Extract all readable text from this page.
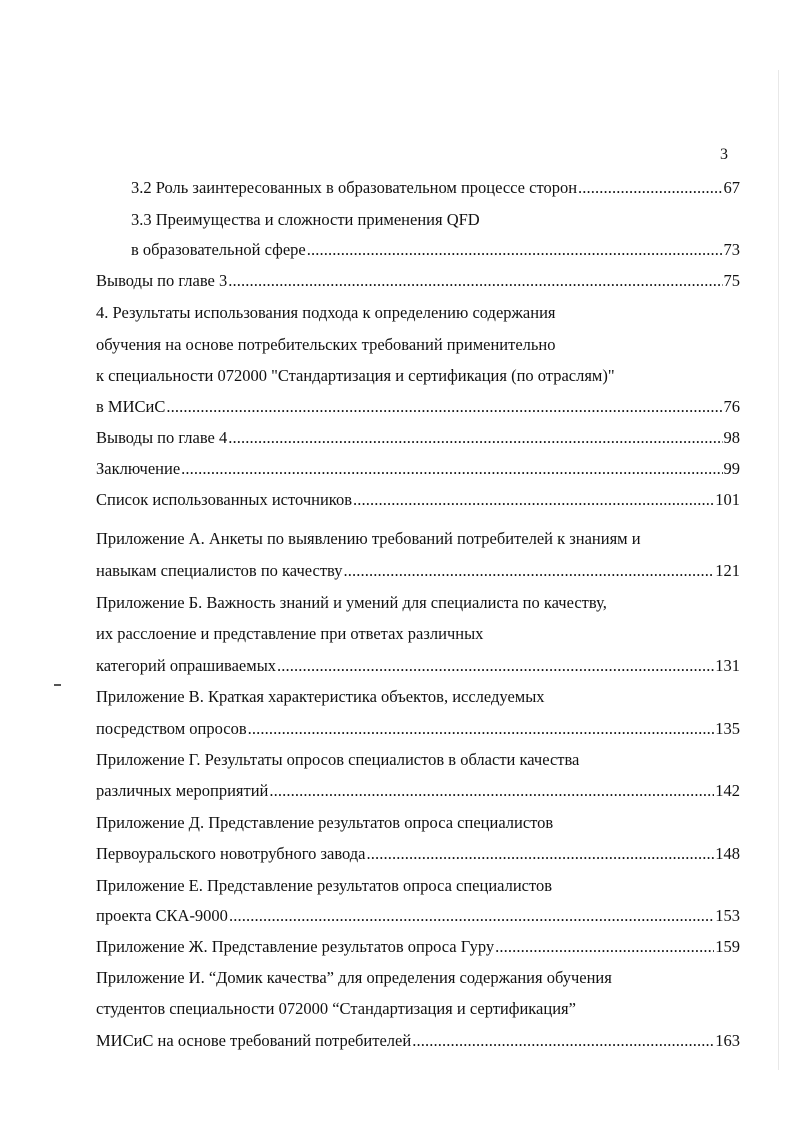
3
3.2 Роль заинтересованных в образовательном процессе сторон . . .	67
3.3 Преимущества и сложности применения QFD
в образовательной сфере . . .	73
Выводы по главе 3 . . .	75
4. Результаты использования подхода к определению содержания
обучения на основе потребительских требований применительно
к специальности 072000 "Стандартизация и сертификация (по отраслям)"
в МИСиС . . .	76
Выводы по главе 4 . . .	98
Заключение . . .	99
Список использованных источников . . .	101
Приложение А. Анкеты по выявлению требований потребителей к знаниям и
навыкам специалистов по качеству . . .	121
Приложение Б. Важность знаний и умений для специалиста по качеству,
их расслоение и представление при ответах различных
категорий опрашиваемых . . .	131
Приложение В. Краткая характеристика объектов, исследуемых
посредством опросов . . .	135
Приложение Г. Результаты опросов специалистов в области качества
различных мероприятий . . .	142
Приложение Д. Представление результатов опроса специалистов
Первоуральского новотрубного завода . . .	148
Приложение Е. Представление результатов опроса специалистов
проекта СКА-9000 . . .	153
Приложение Ж. Представление результатов опроса Гуру . . .	159
Приложение И. “Домик качества” для определения содержания обучения
студентов специальности 072000 “Стандартизация и сертификация”
МИСиС на основе требований потребителей . . .	163
